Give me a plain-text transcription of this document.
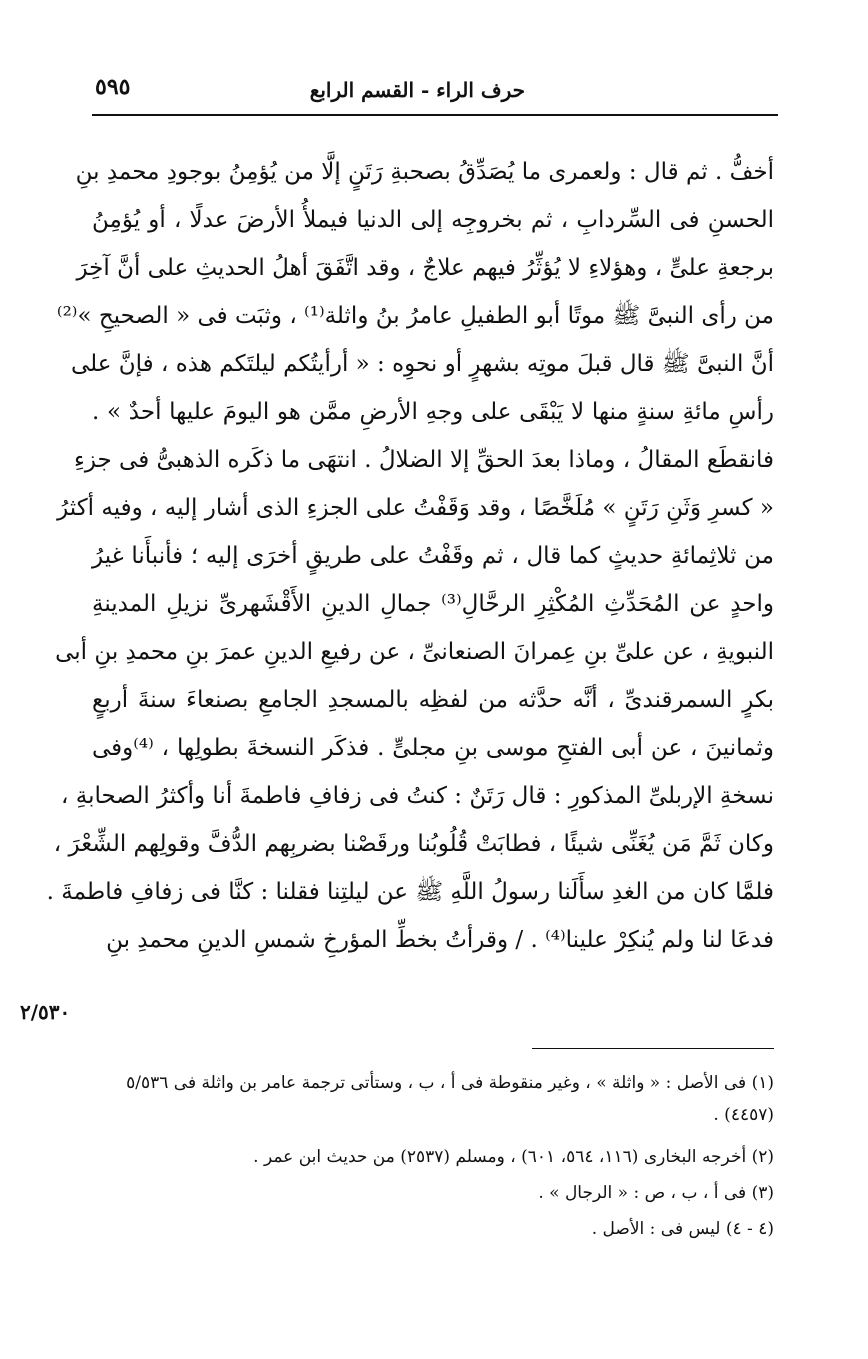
حرف الراء - القسم الرابع
٥٩٥
أخفُّ . ثم قال : ولعمرى ما يُصَدِّقُ بصحبةِ رَتَنٍ إلَّا من يُؤمِنُ بوجودِ محمدِ بنِ
الحسنِ فى السِّردابِ ، ثم بخروجِه إلى الدنيا فيملأُ الأرضَ عدلًا ، أو يُؤمِنُ
برجعةِ علىٍّ ، وهؤلاءِ لا يُؤثِّرُ فيهم علاجٌ ، وقد اتَّفَقَ أهلُ الحديثِ على أنَّ آخِرَ
من رأى النبىَّ ﷺ موتًا أبو الطفيلِ عامرُ بنُ واثلة⁽¹⁾ ، وثبَت فى « الصحيحِ »⁽²⁾
أنَّ النبىَّ ﷺ قال قبلَ موتِه بشهرٍ أو نحوِه : « أرأيتُكم ليلتَكم هذه ، فإنَّ على
رأسِ مائةِ سنةٍ منها لا يَبْقَى على وجهِ الأرضِ ممَّن هو اليومَ عليها أحدٌ » .
فانقطَع المقالُ ، وماذا بعدَ الحقِّ إلا الضلالُ . انتهَى ما ذكَره الذهبىُّ فى جزءِ
« كسرِ وَثَنِ رَتَنٍ » مُلَخَّصًا ، وقد وَقَفْتُ على الجزءِ الذى أشار إليه ، وفيه أكثرُ
من ثلاثِمائةِ حديثٍ كما قال ، ثم وقَفْتُ على طريقٍ أخرَى إليه ؛ فأنبأَنا غيرُ
واحدٍ عن المُحَدِّثِ المُكْثِرِ الرحَّالِ⁽³⁾ جمالِ الدينِ الأَقْشَهرىِّ نزيلِ المدينةِ
النبويةِ ، عن علىِّ بنِ عِمرانَ الصنعانىِّ ، عن رفيعِ الدينِ عمرَ بنِ محمدِ بنِ أبى
بكرٍ السمرقندىِّ ، أنَّه حدَّثه من لفظِه بالمسجدِ الجامعِ بصنعاءَ سنةَ أربعٍ
وثمانينَ ، عن أبى الفتحِ موسى بنِ مجلىٍّ . فذكَر النسخةَ بطولِها ، ⁽⁴⁾وفى
نسخةِ الإربلىِّ المذكورِ : قال رَتَنٌ : كنتُ فى زفافِ فاطمةَ أنا وأكثرُ الصحابةِ ،
وكان ثَمَّ مَن يُغَنِّى شيئًا ، فطابَتْ قُلُوبُنا ورقَصْنا بضربِهم الدُّفَّ وقولِهم الشِّعْرَ ،
فلمَّا كان من الغدِ سأَلَنا رسولُ اللَّهِ ﷺ عن ليلتِنا فقلنا : كنَّا فى زفافِ فاطمةَ .
فدعَا لنا ولم يُنكِرْ علينا⁽⁴⁾ . / وقرأتُ بخطِّ المؤرخِ شمسِ الدينِ محمدِ بنِ
٢/٥٣٠
(١) فى الأصل : « واثلة » ، وغير منقوطة فى أ ، ب ، وستأتى ترجمة عامر بن واثلة فى ٥/٥٣٦
(٤٤٥٧) .
(٢) أخرجه البخارى (١١٦، ٥٦٤، ٦٠١) ، ومسلم (٢٥٣٧) من حديث ابن عمر .
(٣) فى أ ، ب ، ص : « الرجال » .
(٤ - ٤) ليس فى : الأصل .
